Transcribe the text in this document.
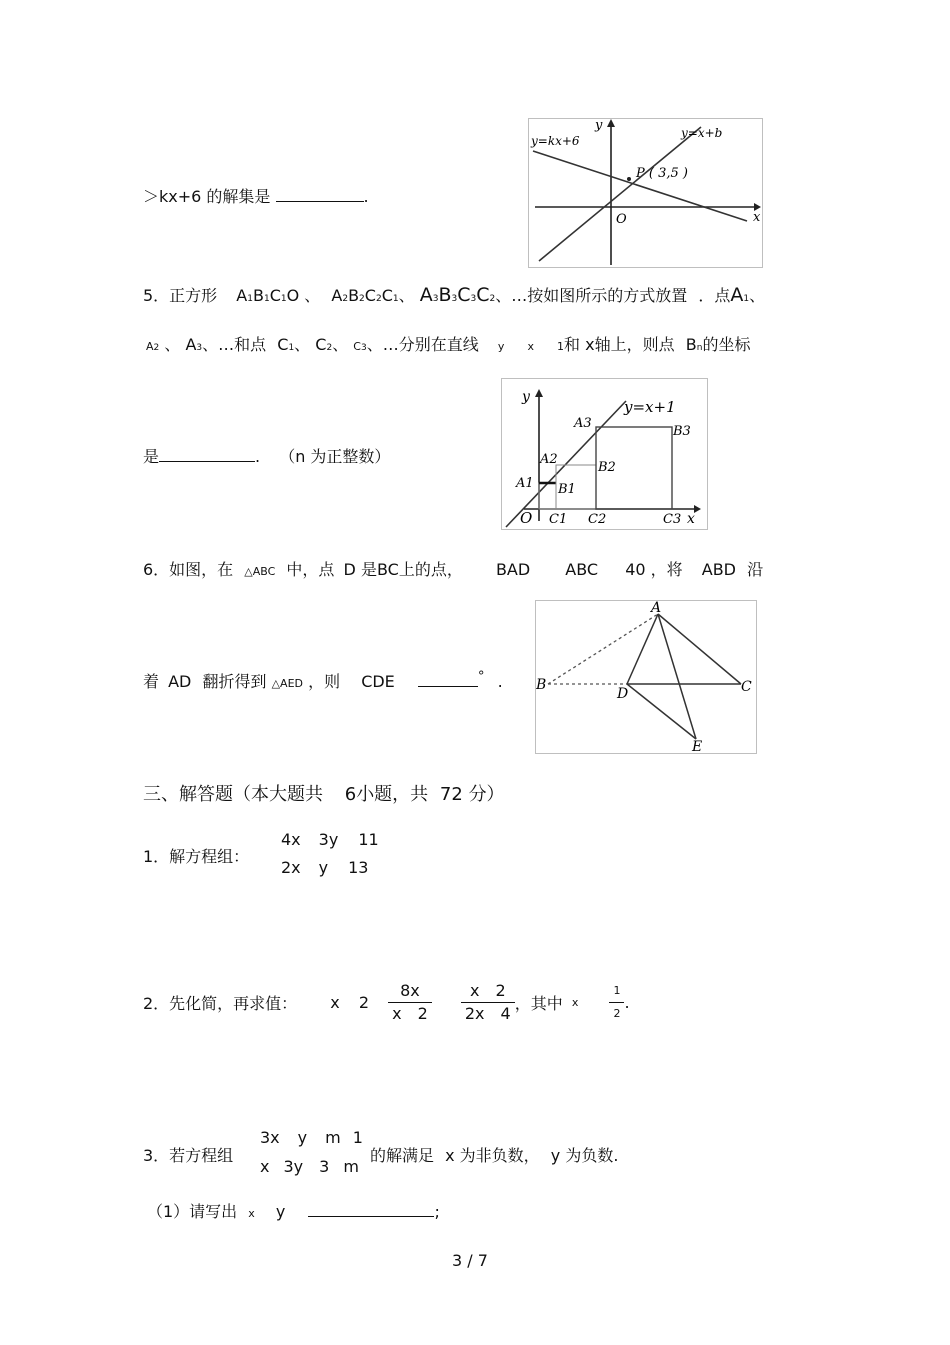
＞kx+6 的解集是	.
y=kx+6
y=x+b
P ( 3,5 )
O	x
y
5．正方形 A1B1C1O 、 A2B2C2C1、 A3B3C3C2、…按如图所示的方式放置 ．点A1、
A2 、 A3、…和点 C1、 C2、 C3、…分别在直线 y x 1和 x轴上，则点 Bn的坐标
是	. （n 为正整数）
y=x+1
y
x
O
A1
A2
A3
B1
B2
B3
C1 C2	C3
6．如图，在 △ABC 中，点 D 是BC上的点， BAD ABC 40 ，将 ABD 沿
着 AD 翻折得到 △AED ，则 CDE	° .
A
B	C
D
E
三、解答题（本大题共 6小题，共 72 分）
1．解方程组：
4x 3y 11
2x y 13
2．先化简，再求值： x $2 \frac{8x}{x 2}$
$\frac{x 2}{2x 4}$ ，其中 x	$\frac{1}{2}$ .
3．若方程组
3x y m 1
x 3y 3 m
的解满足 x 为非负数， y 为负数.
（1）请写出 x y	;
3 / 7
